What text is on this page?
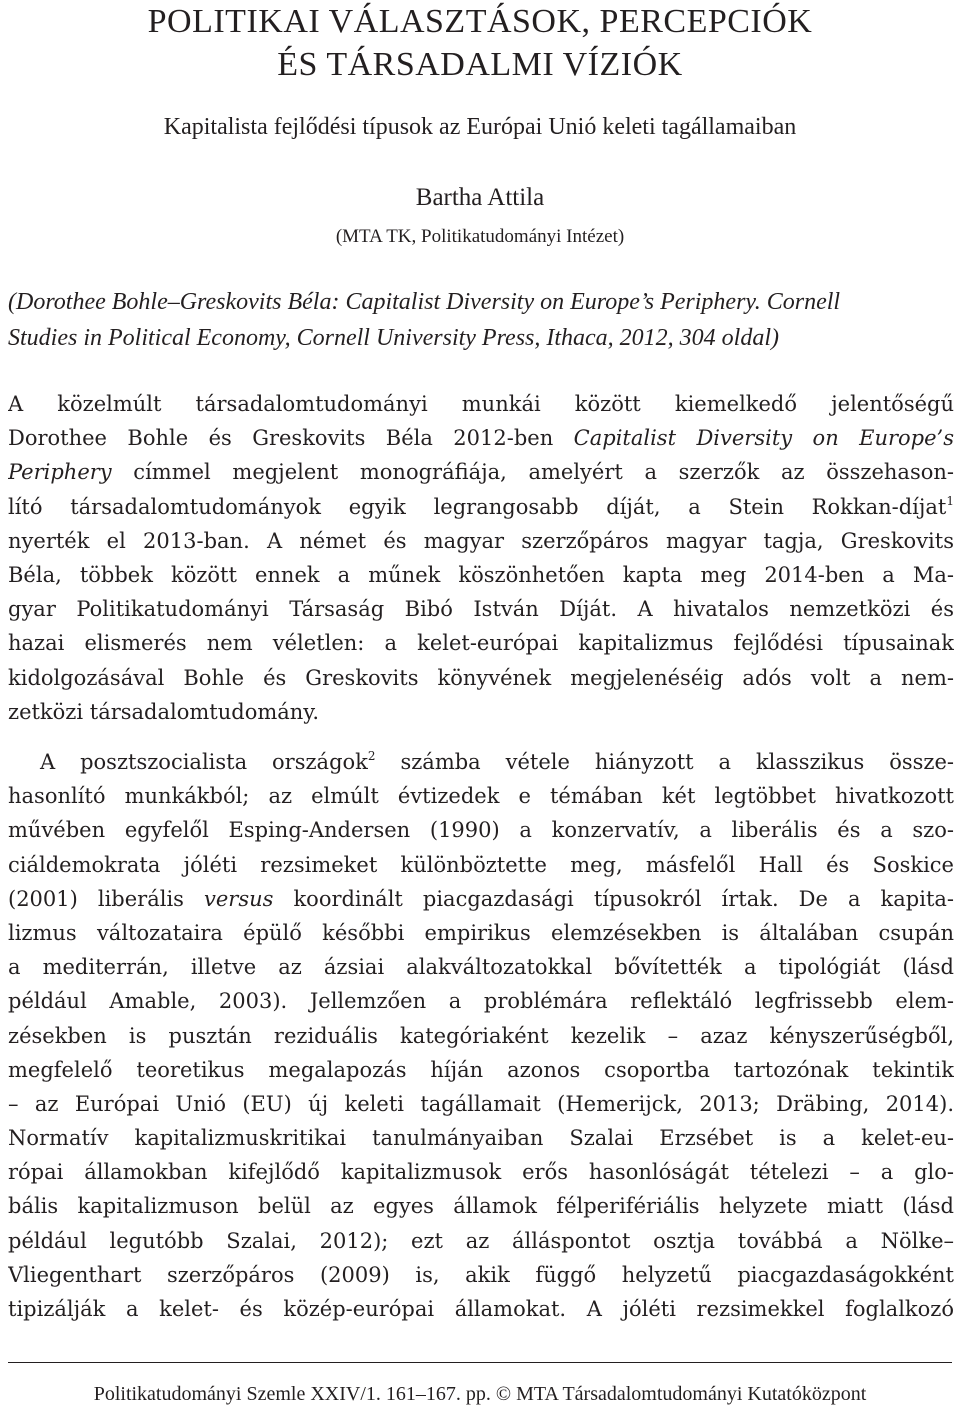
POLITIKAI VÁLASZTÁSOK, PERCEPCIÓK
ÉS TÁRSADALMI VÍZIÓK
Kapitalista fejlődési típusok az Európai Unió keleti tagállamaiban
Bartha Attila
(MTA TK, Politikatudományi Intézet)
(Dorothee Bohle–Greskovits Béla: Capitalist Diversity on Europe’s Periphery. Cornell
Studies in Political Economy, Cornell University Press, Ithaca, 2012, 304 oldal)
A közelmúlt társadalomtudományi munkái között kiemelkedő jelentőségű
Dorothee Bohle és Greskovits Béla 2012-ben Capitalist Diversity on Europe’s
Periphery címmel megjelent monográfiája, amelyért a szerzők az összehason-
lító társadalomtudományok egyik legrangosabb díját, a Stein Rokkan-díjat$^1$
nyerték el 2013-ban. A német és magyar szerzőpáros magyar tagja, Greskovits
Béla, többek között ennek a műnek köszönhetően kapta meg 2014-ben a Ma-
gyar Politikatudományi Társaság Bibó István Díját. A hivatalos nemzetközi és
hazai elismerés nem véletlen: a kelet-európai kapitalizmus fejlődési típusainak
kidolgozásával Bohle és Greskovits könyvének megjelenéséig adós volt a nem-
zetközi társadalomtudomány.
A posztszocialista országok$^2$ számba vétele hiányzott a klasszikus össze-
hasonlító munkákból; az elmúlt évtizedek e témában két legtöbbet hivatkozott
művében egyfelől Esping-Andersen (1990) a konzervatív, a liberális és a szo-
ciáldemokrata jóléti rezsimeket különböztette meg, másfelől Hall és Soskice
(2001) liberális versus koordinált piacgazdasági típusokról írtak. De a kapita-
lizmus változataira épülő későbbi empirikus elemzésekben is általában csupán
a mediterrán, illetve az ázsiai alakváltozatokkal bővítették a tipológiát (lásd
például Amable, 2003). Jellemzően a problémára reflektáló legfrissebb elem-
zésekben is pusztán reziduális kategóriaként kezelik – azaz kényszerűségből,
megfelelő teoretikus megalapozás híján azonos csoportba tartozónak tekintik
– az Európai Unió (EU) új keleti tagállamait (Hemerijck, 2013; Dräbing, 2014).
Normatív kapitalizmuskritikai tanulmányaiban Szalai Erzsébet is a kelet-eu-
rópai államokban kifejlődő kapitalizmusok erős hasonlóságát tételezi – a glo-
bális kapitalizmuson belül az egyes államok félperifériális helyzete miatt (lásd
például legutóbb Szalai, 2012); ezt az álláspontot osztja továbbá a Nölke–
Vliegenthart szerzőpáros (2009) is, akik függő helyzetű piacgazdaságokként
tipizálják a kelet- és közép-európai államokat. A jóléti rezsimekkel foglalkozó
Politikatudományi Szemle XXIV/1. 161–167. pp. © MTA Társadalomtudományi Kutatóközpont
